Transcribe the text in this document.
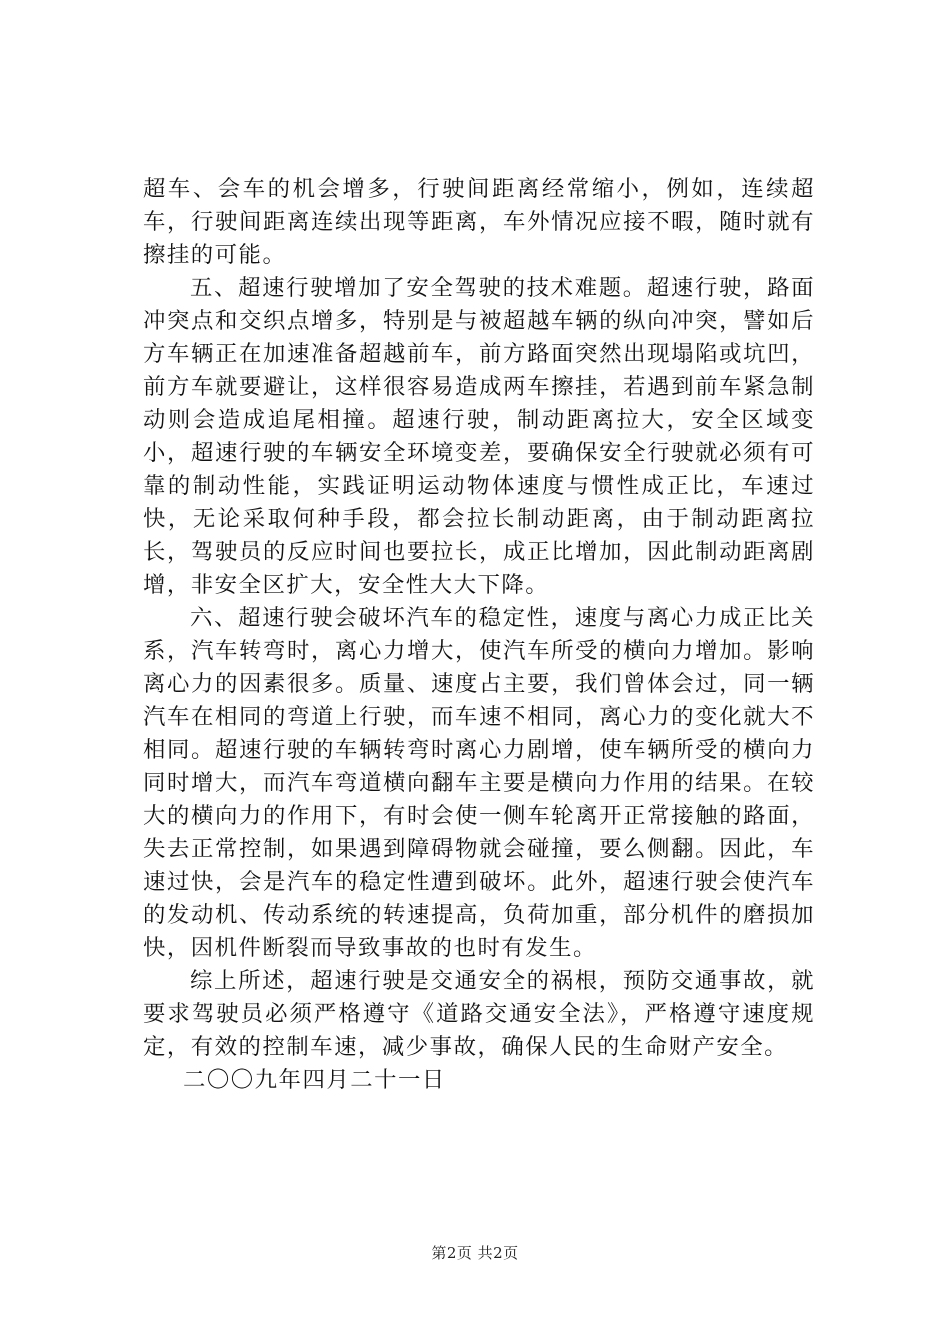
超车、会车的机会增多，行驶间距离经常缩小，例如，连续超车，行驶间距离连续出现等距离，车外情况应接不暇，随时就有擦挂的可能。

五、超速行驶增加了安全驾驶的技术难题。超速行驶，路面冲突点和交织点增多，特别是与被超越车辆的纵向冲突，譬如后方车辆正在加速准备超越前车，前方路面突然出现塌陷或坑凹，前方车就要避让，这样很容易造成两车擦挂，若遇到前车紧急制动则会造成追尾相撞。超速行驶，制动距离拉大，安全区域变小，超速行驶的车辆安全环境变差，要确保安全行驶就必须有可靠的制动性能，实践证明运动物体速度与惯性成正比，车速过快，无论采取何种手段，都会拉长制动距离，由于制动距离拉长，驾驶员的反应时间也要拉长，成正比增加，因此制动距离剧增，非安全区扩大，安全性大大下降。

六、超速行驶会破坏汽车的稳定性，速度与离心力成正比关系，汽车转弯时，离心力增大，使汽车所受的横向力增加。影响离心力的因素很多。质量、速度占主要，我们曾体会过，同一辆汽车在相同的弯道上行驶，而车速不相同，离心力的变化就大不相同。超速行驶的车辆转弯时离心力剧增，使车辆所受的横向力同时增大，而汽车弯道横向翻车主要是横向力作用的结果。在较大的横向力的作用下，有时会使一侧车轮离开正常接触的路面，失去正常控制，如果遇到障碍物就会碰撞，要么侧翻。因此，车速过快，会是汽车的稳定性遭到破坏。此外，超速行驶会使汽车的发动机、传动系统的转速提高，负荷加重，部分机件的磨损加快，因机件断裂而导致事故的也时有发生。

综上所述，超速行驶是交通安全的祸根，预防交通事故，就要求驾驶员必须严格遵守《道路交通安全法》，严格遵守速度规定，有效的控制车速，减少事故，确保人民的生命财产安全。

二〇〇九年四月二十一日

第2页 共2页
